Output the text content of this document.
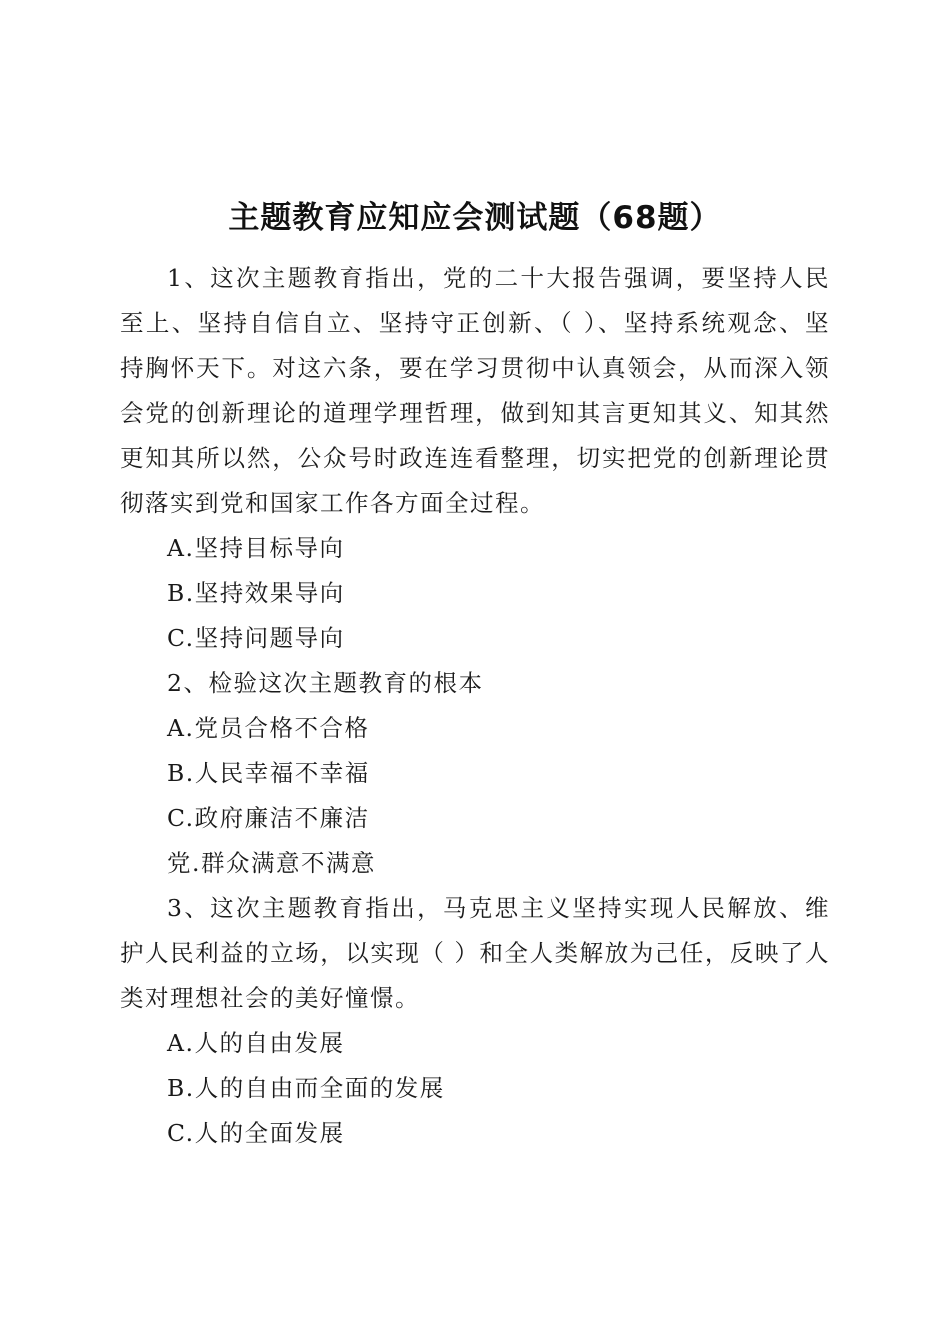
主题教育应知应会测试题（68题）

1、这次主题教育指出，党的二十大报告强调，要坚持人民至上、坚持自信自立、坚持守正创新、（ ）、坚持系统观念、坚持胸怀天下。对这六条，要在学习贯彻中认真领会，从而深入领会党的创新理论的道理学理哲理，做到知其言更知其义、知其然更知其所以然，公众号时政连连看整理，切实把党的创新理论贯彻落实到党和国家工作各方面全过程。

A.坚持目标导向

B.坚持效果导向

C.坚持问题导向

2、检验这次主题教育的根本

A.党员合格不合格

B.人民幸福不幸福

C.政府廉洁不廉洁

党.群众满意不满意

3、这次主题教育指出，马克思主义坚持实现人民解放、维护人民利益的立场，以实现（ ）和全人类解放为己任，反映了人类对理想社会的美好憧憬。

A.人的自由发展

B.人的自由而全面的发展

C.人的全面发展
